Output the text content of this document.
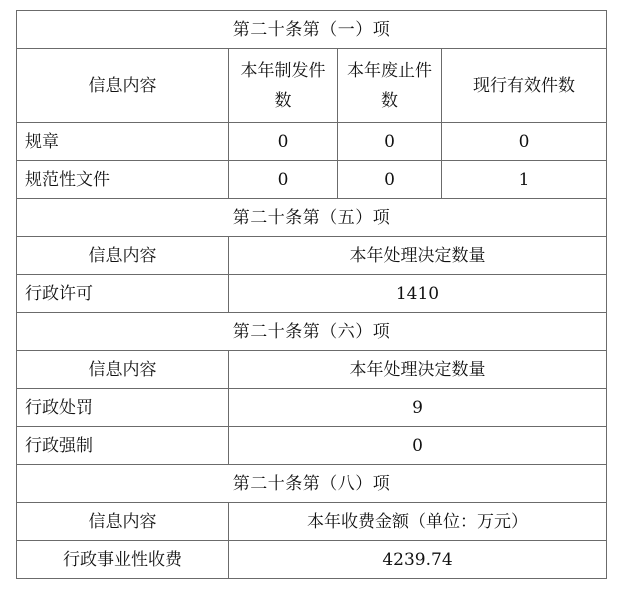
第二十条第（一）项			
信息内容	本年制发件数	本年废止件数	现行有效件数
规章	0	0	0
规范性文件	0	0	1
第二十条第（五）项			
信息内容	本年处理决定数量		
行政许可	1410		
第二十条第（六）项			
信息内容	本年处理决定数量		
行政处罚	9		
行政强制	0		
第二十条第（八）项			
信息内容	本年收费金额（单位：万元）		
行政事业性收费	4239.74		
